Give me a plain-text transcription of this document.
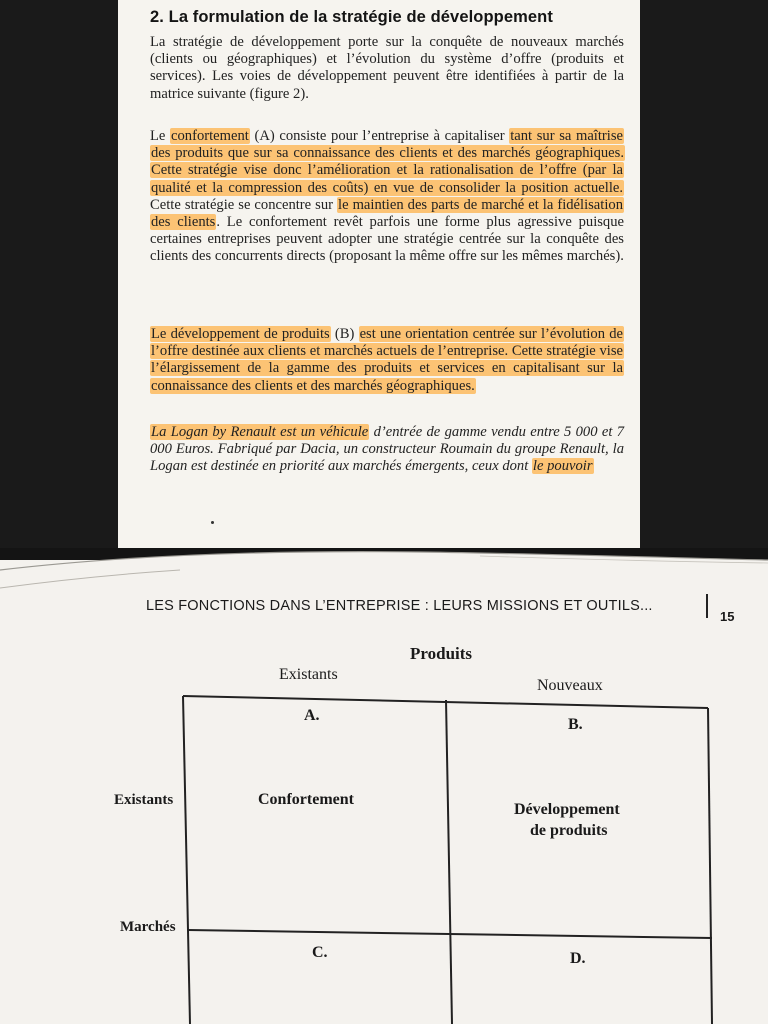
2. La formulation de la stratégie de développement
La stratégie de développement porte sur la conquête de nouveaux marchés (clients ou géographiques) et l’évolution du système d’offre (produits et services). Les voies de développement peuvent être identifiées à partir de la matrice suivante (figure 2).
Le confortement (A) consiste pour l’entreprise à capitaliser tant sur sa maîtrise des produits que sur sa connaissance des clients et des marchés géographiques. Cette stratégie vise donc l’amélioration et la rationalisation de l’offre (par la qualité et la compression des coûts) en vue de consolider la position actuelle. Cette stratégie se concentre sur le maintien des parts de marché et la fidélisation des clients. Le confortement revêt parfois une forme plus agressive puisque certaines entreprises peuvent adopter une stratégie centrée sur la conquête des clients des concurrents directs (proposant la même offre sur les mêmes marchés).
Le développement de produits (B) est une orientation centrée sur l’évolution de l’offre destinée aux clients et marchés actuels de l’entreprise. Cette stratégie vise l’élargissement de la gamme des produits et services en capitalisant sur la connaissance des clients et des marchés géographiques.
La Logan by Renault est un véhicule d’entrée de gamme vendu entre 5 000 et 7 000 Euros. Fabriqué par Dacia, un constructeur Roumain du groupe Renault, la Logan est destinée en priorité aux marchés émergents, ceux dont le pouvoir
LES FONCTIONS DANS L’ENTREPRISE : LEURS MISSIONS ET OUTILS...
15
Produits
Existants
Nouveaux
Existants
Marchés
A.
Confortement
B.
Développement
de produits
C.	D.
